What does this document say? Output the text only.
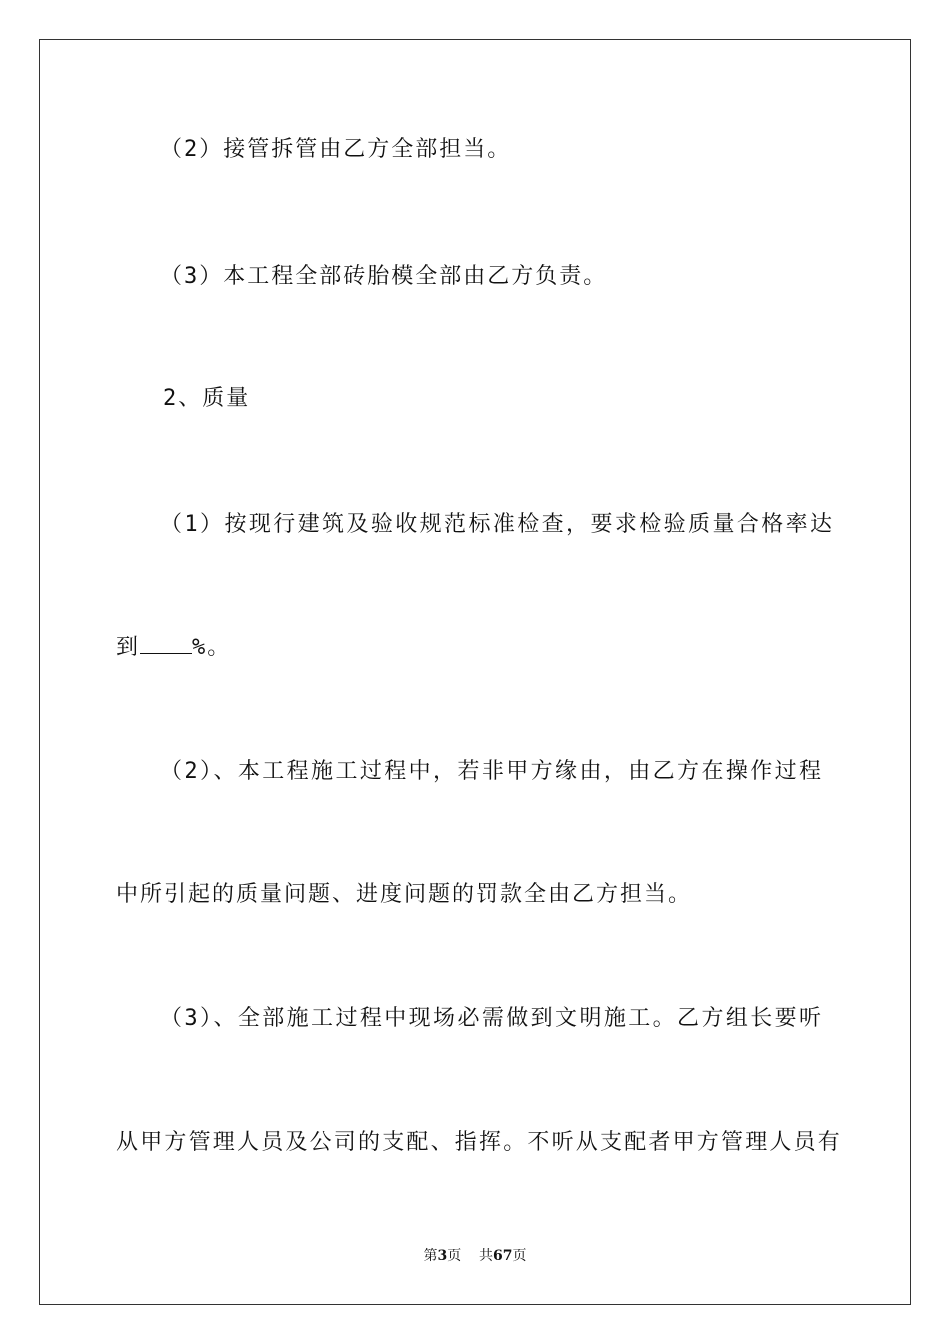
（2）接管拆管由乙方全部担当。
（3）本工程全部砖胎模全部由乙方负责。
2、质量
（1）按现行建筑及验收规范标准检查，要求检验质量合格率达
到 %。
（2）、本工程施工过程中，若非甲方缘由，由乙方在操作过程
中所引起的质量问题、进度问题的罚款全由乙方担当。
（3）、全部施工过程中现场必需做到文明施工。乙方组长要听
从甲方管理人员及公司的支配、指挥。不听从支配者甲方管理人员有
第3页 共67页
